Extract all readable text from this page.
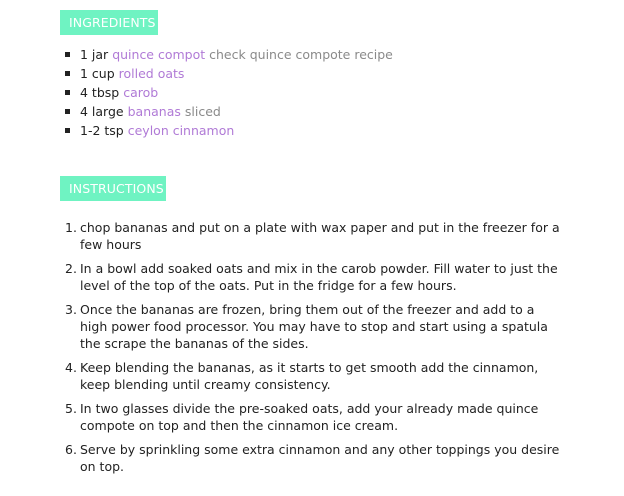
INGREDIENTS
1 jar quince compot check quince compote recipe
1 cup rolled oats
4 tbsp carob
4 large bananas sliced
1-2 tsp ceylon cinnamon
INSTRUCTIONS
1. chop bananas and put on a plate with wax paper and put in the freezer for a few hours
2. In a bowl add soaked oats and mix in the carob powder. Fill water to just the level of the top of the oats. Put in the fridge for a few hours.
3. Once the bananas are frozen, bring them out of the freezer and add to a high power food processor. You may have to stop and start using a spatula the scrape the bananas of the sides.
4. Keep blending the bananas, as it starts to get smooth add the cinnamon, keep blending until creamy consistency.
5. In two glasses divide the pre-soaked oats, add your already made quince compote on top and then the cinnamon ice cream.
6. Serve by sprinkling some extra cinnamon and any other toppings you desire on top.
